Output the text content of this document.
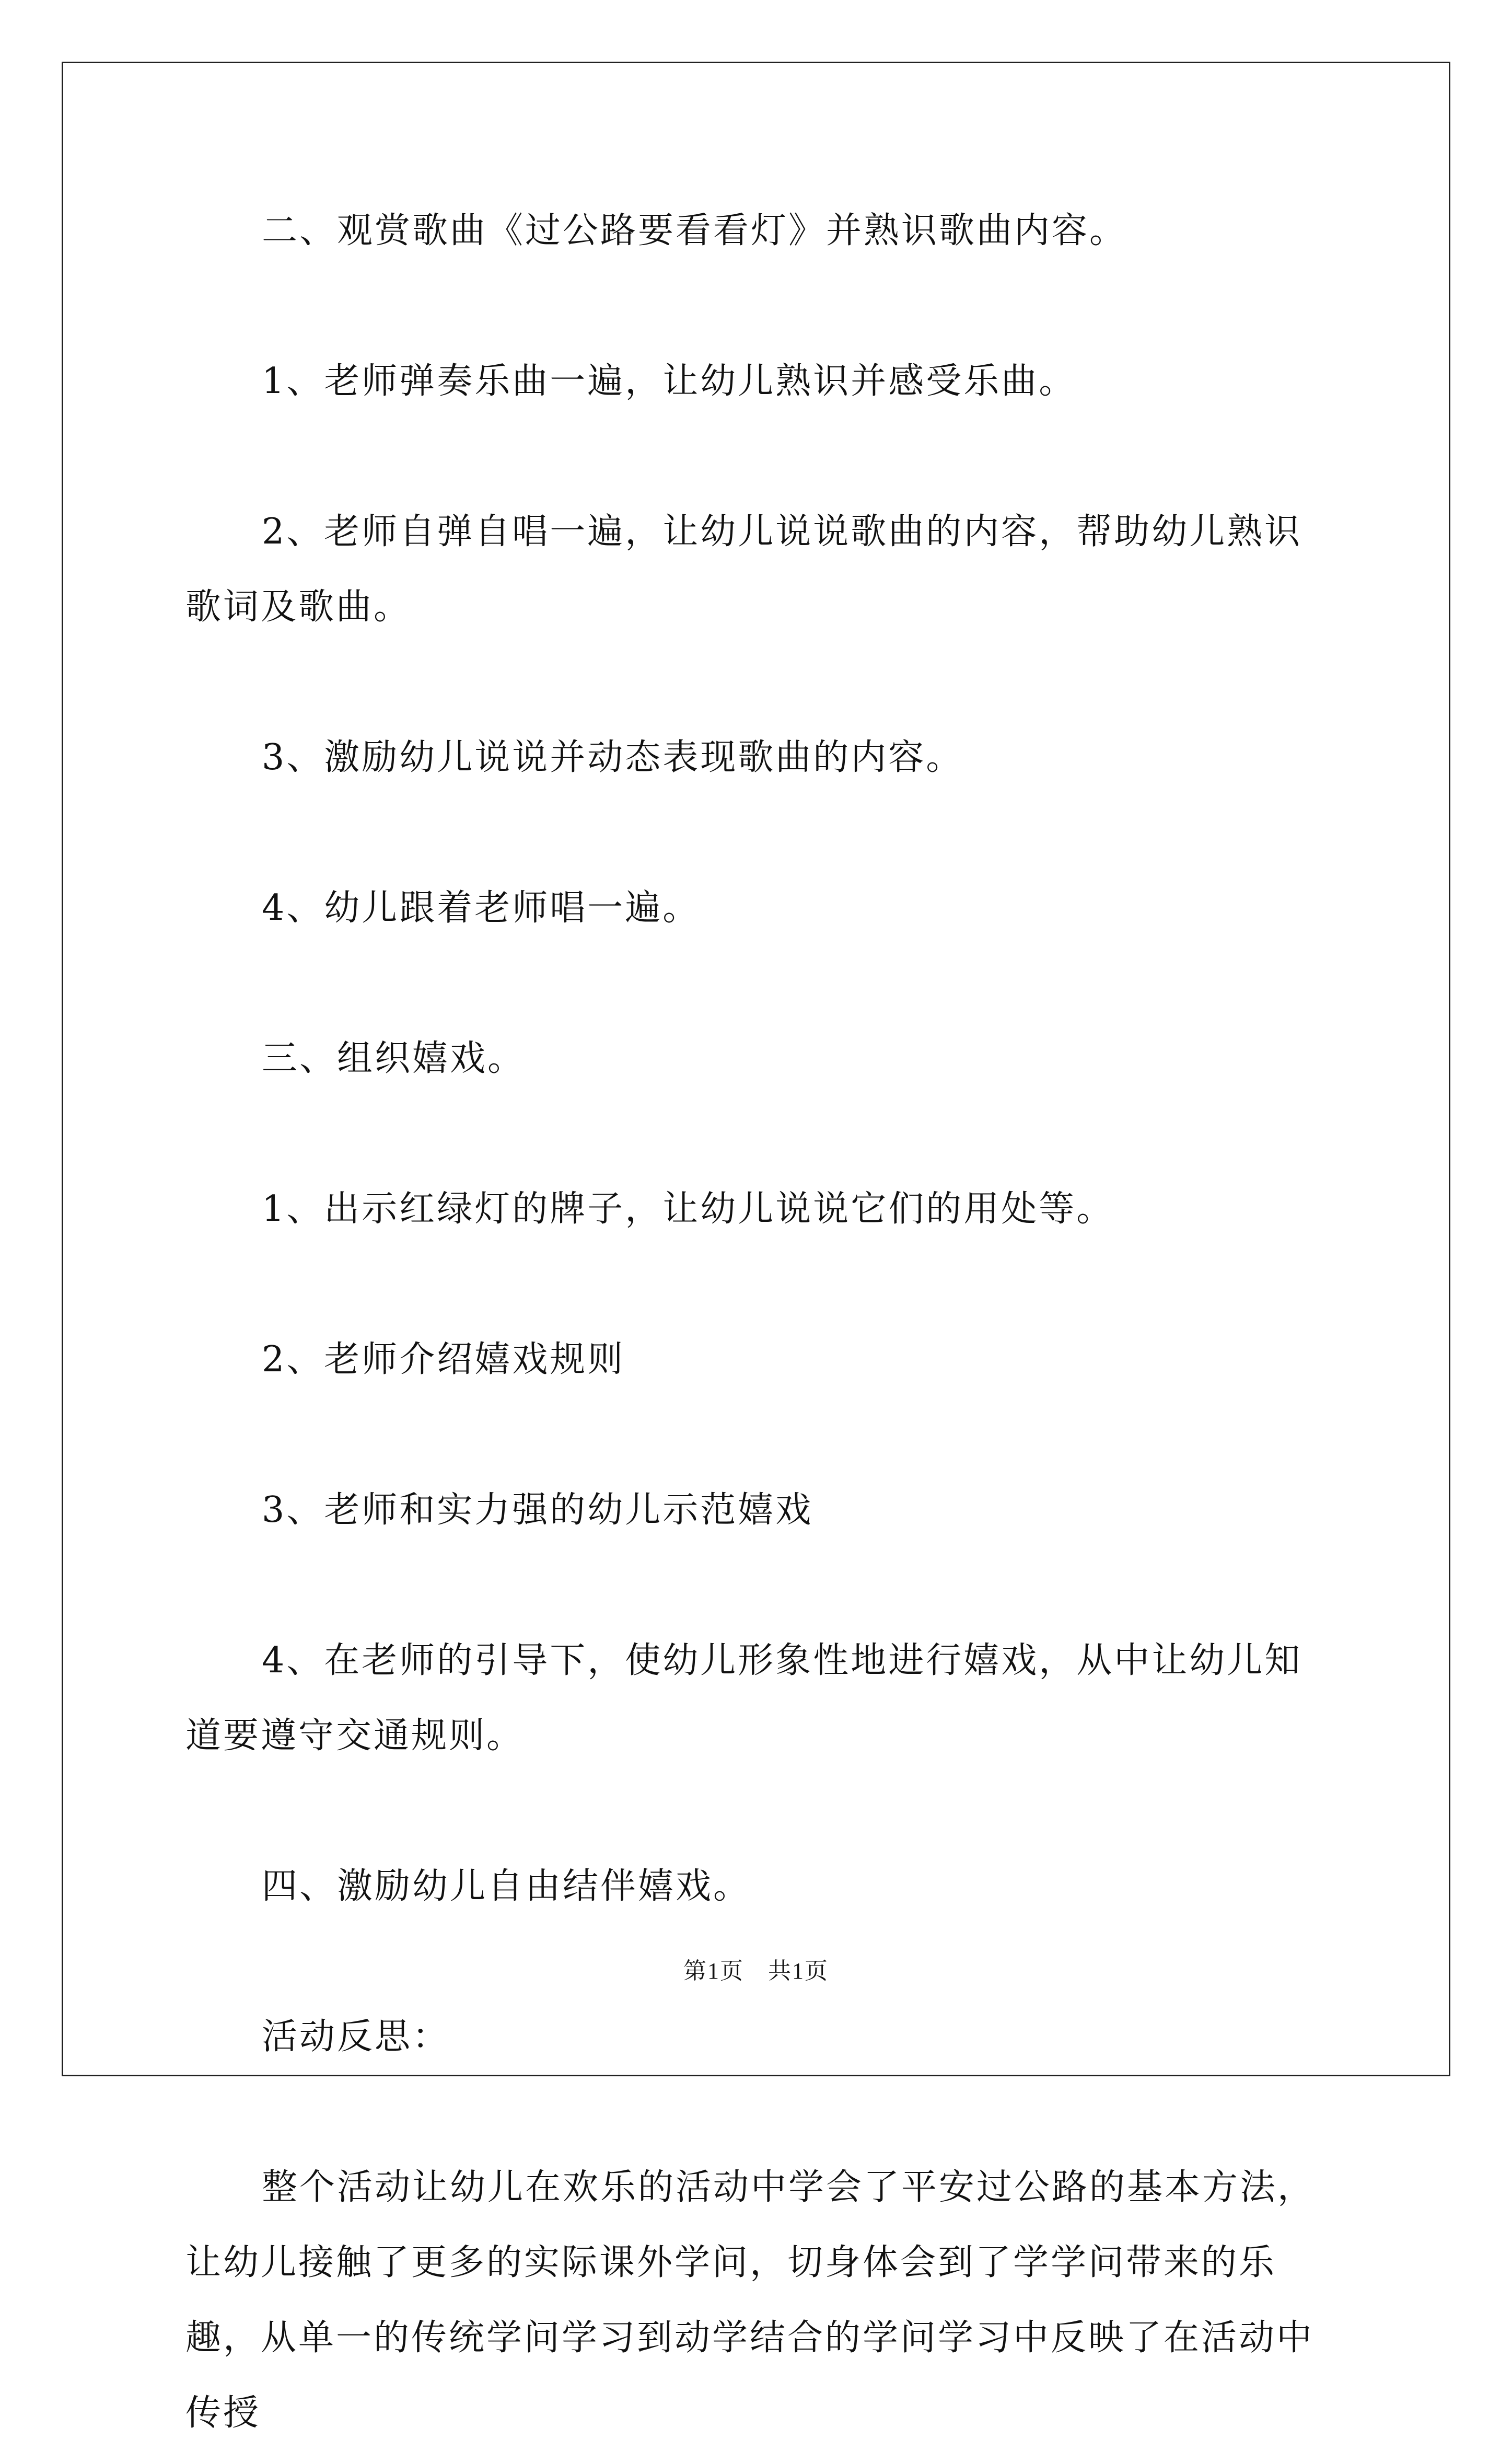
二、观赏歌曲《过公路要看看灯》并熟识歌曲内容。

1、老师弹奏乐曲一遍，让幼儿熟识并感受乐曲。

2、老师自弹自唱一遍，让幼儿说说歌曲的内容，帮助幼儿熟识歌词及歌曲。

3、激励幼儿说说并动态表现歌曲的内容。

4、幼儿跟着老师唱一遍。

三、组织嬉戏。

1、出示红绿灯的牌子，让幼儿说说它们的用处等。

2、老师介绍嬉戏规则

3、老师和实力强的幼儿示范嬉戏

4、在老师的引导下，使幼儿形象性地进行嬉戏，从中让幼儿知道要遵守交通规则。

四、激励幼儿自由结伴嬉戏。

活动反思：

整个活动让幼儿在欢乐的活动中学会了平安过公路的基本方法，让幼儿接触了更多的实际课外学问，切身体会到了学学问带来的乐趣，从单一的传统学问学习到动学结合的学问学习中反映了在活动中传授

第1页 共1页
